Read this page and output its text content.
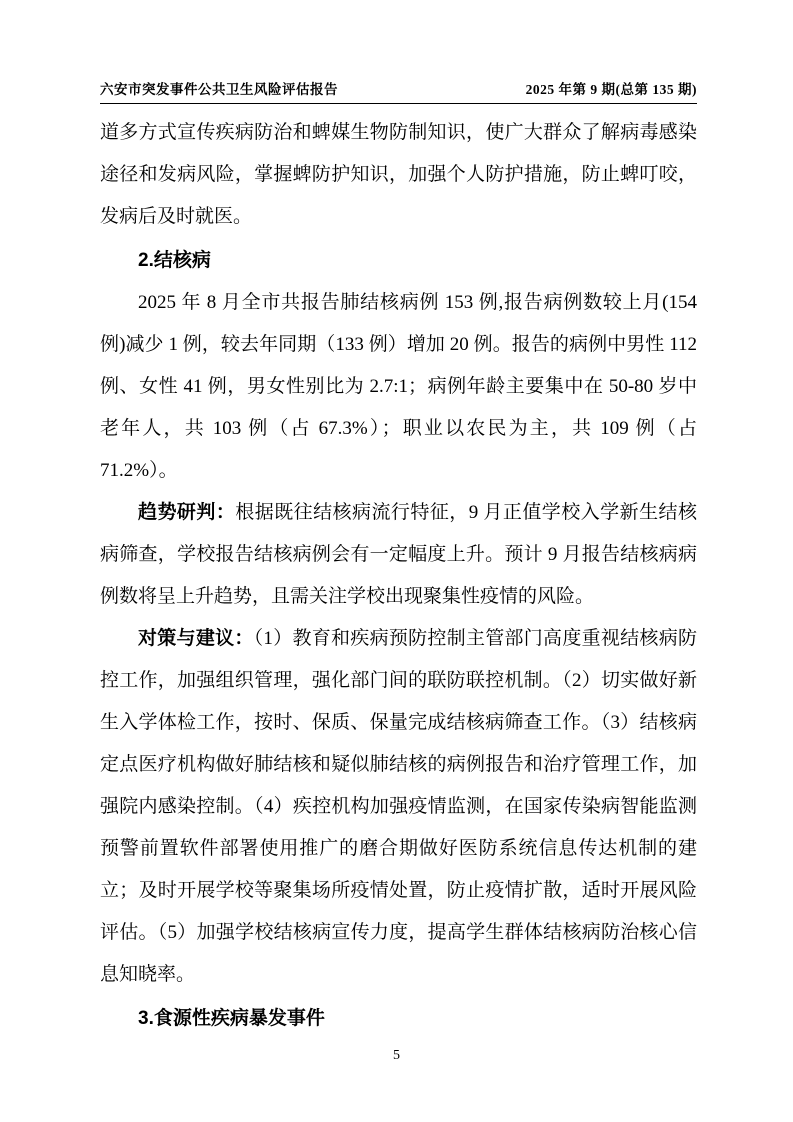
六安市突发事件公共卫生风险评估报告	2025 年第 9 期(总第 135 期)

道多方式宣传疾病防治和蜱媒生物防制知识，使广大群众了解病毒感染途径和发病风险，掌握蜱防护知识，加强个人防护措施，防止蜱叮咬，发病后及时就医。

2.结核病

2025 年 8 月全市共报告肺结核病例 153 例,报告病例数较上月(154 例)减少 1 例，较去年同期（133 例）增加 20 例。报告的病例中男性 112 例、女性 41 例，男女性别比为 2.7:1；病例年龄主要集中在 50-80 岁中老年人，共 103 例（占 67.3%）；职业以农民为主，共 109 例（占 71.2%）。

趋势研判：根据既往结核病流行特征，9 月正值学校入学新生结核病筛查，学校报告结核病例会有一定幅度上升。预计 9 月报告结核病病例数将呈上升趋势，且需关注学校出现聚集性疫情的风险。

对策与建议：（1）教育和疾病预防控制主管部门高度重视结核病防控工作，加强组织管理，强化部门间的联防联控机制。（2）切实做好新生入学体检工作，按时、保质、保量完成结核病筛查工作。（3）结核病定点医疗机构做好肺结核和疑似肺结核的病例报告和治疗管理工作，加强院内感染控制。（4）疾控机构加强疫情监测，在国家传染病智能监测预警前置软件部署使用推广的磨合期做好医防系统信息传达机制的建立；及时开展学校等聚集场所疫情处置，防止疫情扩散，适时开展风险评估。（5）加强学校结核病宣传力度，提高学生群体结核病防治核心信息知晓率。

3.食源性疾病暴发事件

5
